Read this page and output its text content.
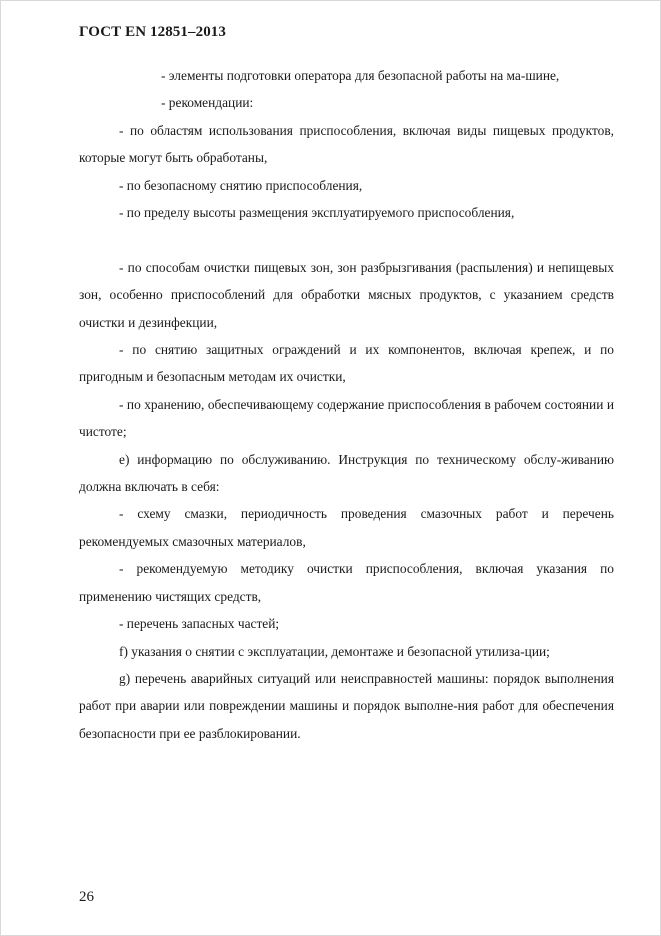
ГОСТ EN 12851–2013

- элементы подготовки оператора для безопасной работы на ма-шине,

- рекомендации:

- по областям использования приспособления, включая виды пищевых продуктов, которые могут быть обработаны,

- по безопасному снятию приспособления,

- по пределу высоты размещения эксплуатируемого приспособления,

- по способам очистки пищевых зон, зон разбрызгивания (распыления) и непищевых зон, особенно приспособлений для обработки мясных продуктов, с указанием средств очистки и дезинфекции,

- по снятию защитных ограждений и их компонентов, включая крепеж, и по пригодным и безопасным методам их очистки,

- по хранению, обеспечивающему содержание приспособления в рабочем состоянии и чистоте;

e) информацию по обслуживанию. Инструкция по техническому обслу-живанию должна включать в себя:

- схему смазки, периодичность проведения смазочных работ и перечень рекомендуемых смазочных материалов,

- рекомендуемую методику очистки приспособления, включая указания по применению чистящих средств,

- перечень запасных частей;

f) указания о снятии с эксплуатации, демонтаже и безопасной утилиза-ции;

g) перечень аварийных ситуаций или неисправностей машины: порядок выполнения работ при аварии или повреждении машины и порядок выполне-ния работ для обеспечения безопасности при ее разблокировании.

26
